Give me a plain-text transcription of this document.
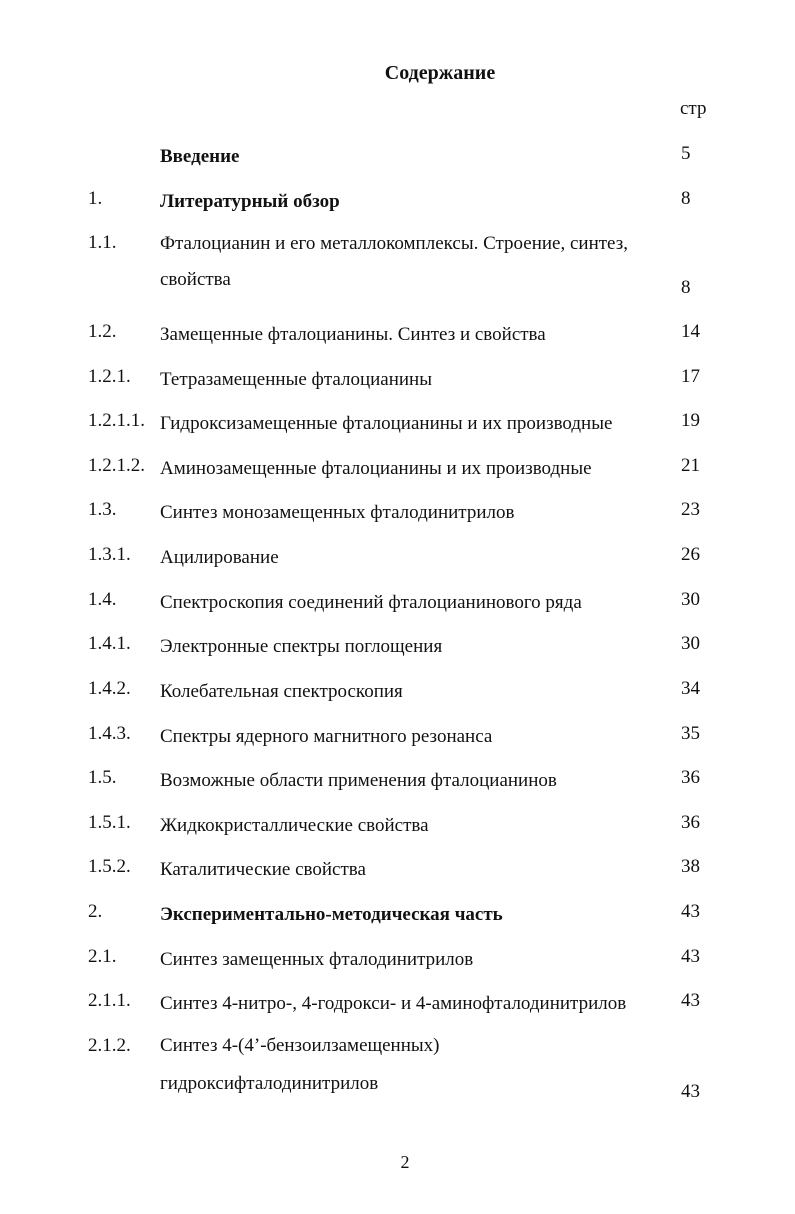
Содержание
стр
Введение	5
1.	Литературный обзор	8
1.1. Фталоцианин и его металлокомплексы. Строение, синтез, свойства	8
1.2. Замещенные фталоцианины. Синтез и свойства	14
1.2.1. Тетразамещенные фталоцианины	17
1.2.1.1. Гидроксизамещенные фталоцианины и их производные	19
1.2.1.2. Аминозамещенные фталоцианины и их производные	21
1.3. Синтез монозамещенных фталодинитрилов	23
1.3.1. Ацилирование	26
1.4. Спектроскопия соединений фталоцианинового ряда	30
1.4.1. Электронные спектры поглощения	30
1.4.2. Колебательная спектроскопия	34
1.4.3. Спектры ядерного магнитного резонанса	35
1.5. Возможные области применения фталоцианинов	36
1.5.1. Жидкокристаллические свойства	36
1.5.2. Каталитические свойства	38
2.	Экспериментально-методическая часть	43
2.1. Синтез замещенных фталодинитрилов	43
2.1.1. Синтез 4-нитро-, 4-годрокси- и 4-аминофталодинитрилов	43
2.1.2. Синтез 4-(4’-бензоилзамещенных) гидроксифталодинитрилов	43
2
